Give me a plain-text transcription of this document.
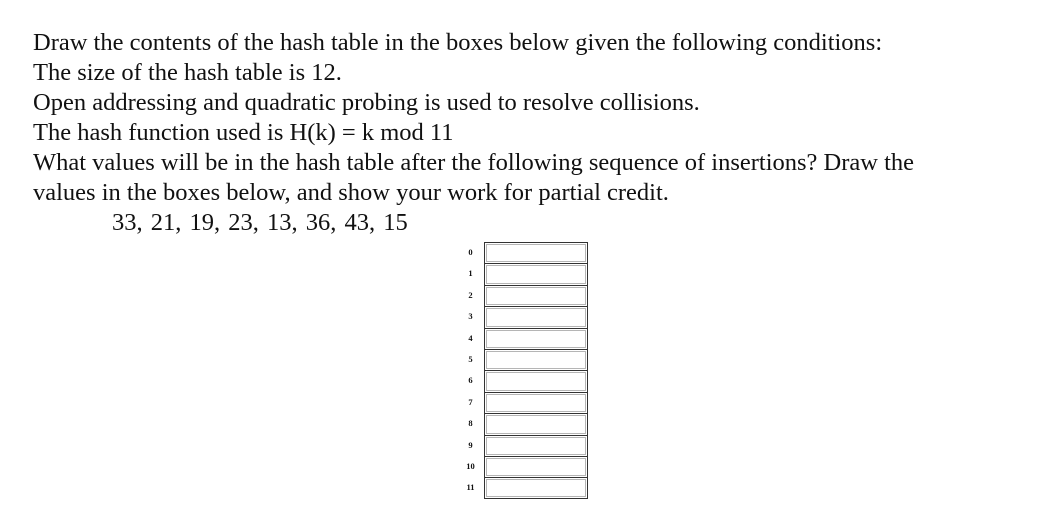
Draw the contents of the hash table in the boxes below given the following conditions:
The size of the hash table is 12.
Open addressing and quadratic probing is used to resolve collisions.
The hash function used is H(k) = k mod 11
What values will be in the hash table after the following sequence of insertions? Draw the
values in the boxes below, and show your work for partial credit.
33, 21, 19, 23, 13, 36, 43, 15
0
1
2
3
4
5
6
7
8
9
10
11
